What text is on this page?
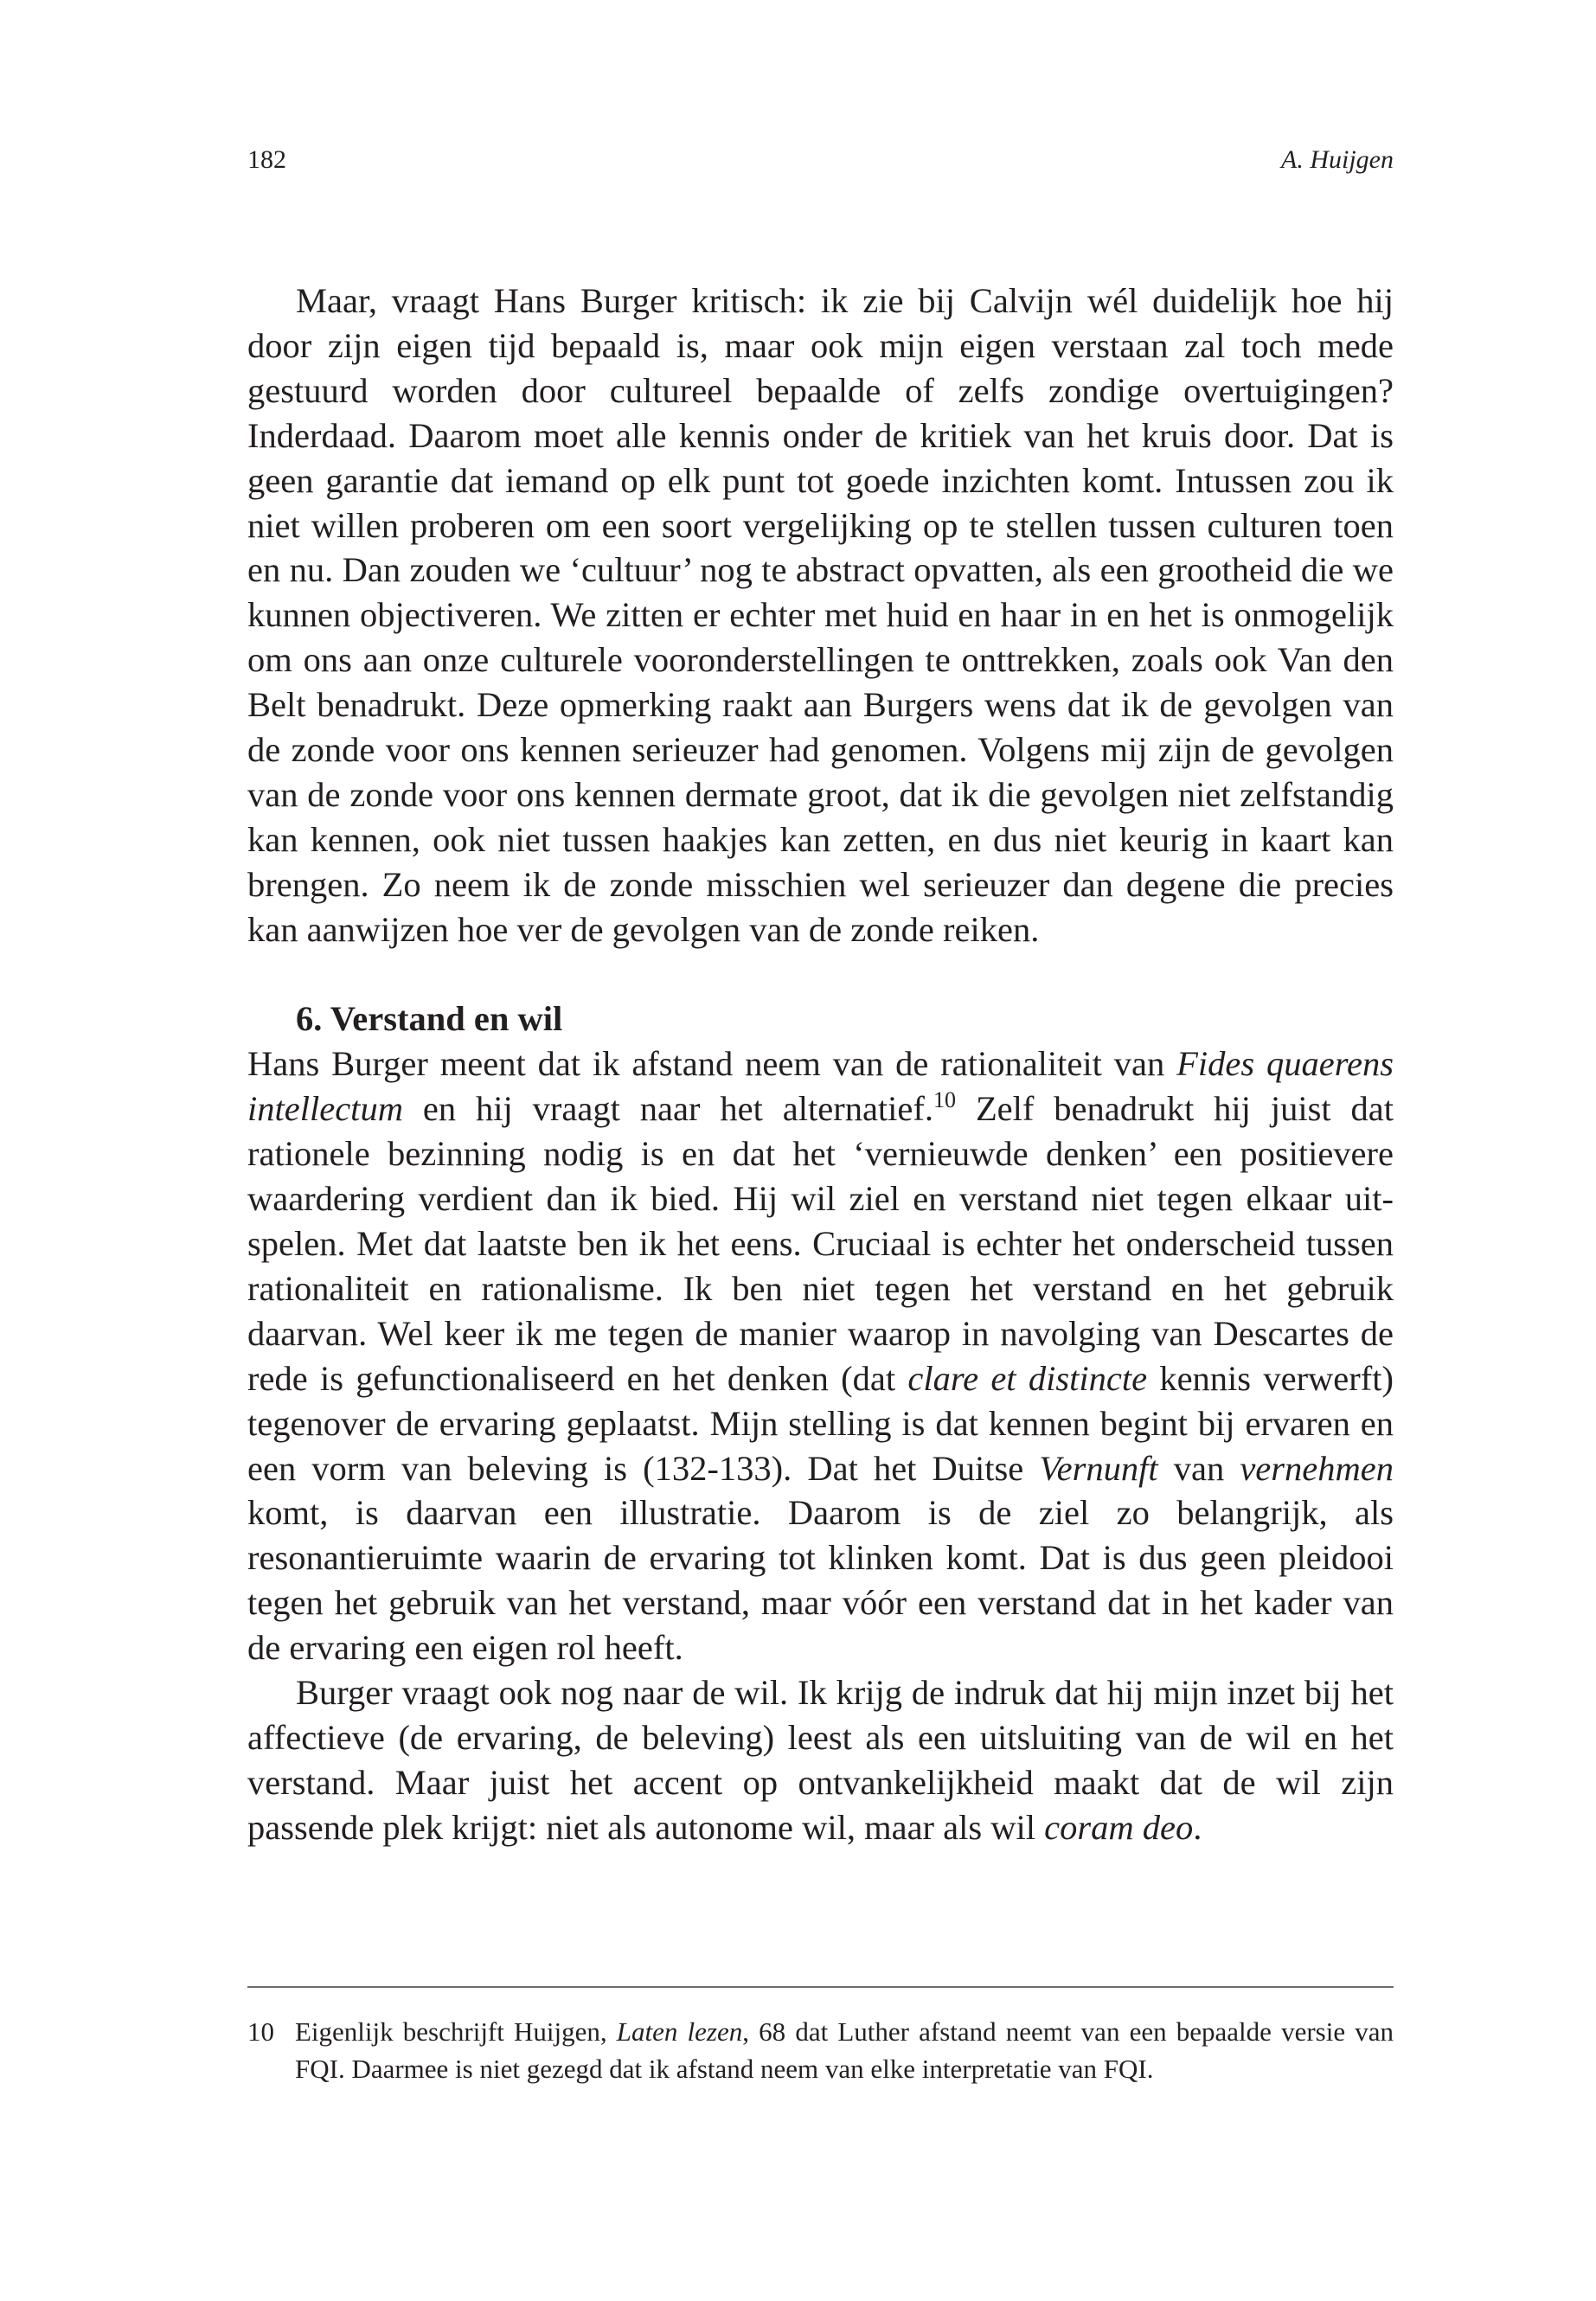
182	A. Huijgen

Maar, vraagt Hans Burger kritisch: ik zie bij Calvijn wél duidelijk hoe hij door zijn eigen tijd bepaald is, maar ook mijn eigen verstaan zal toch mede gestuurd worden door cultureel bepaalde of zelfs zondige overtuigingen? Inderdaad. Daarom moet alle kennis onder de kritiek van het kruis door. Dat is geen garantie dat iemand op elk punt tot goede inzichten komt. Intussen zou ik niet willen proberen om een soort vergelijking op te stellen tussen culturen toen en nu. Dan zouden we ‘cultuur’ nog te abstract opvatten, als een grootheid die we kunnen objectiveren. We zitten er echter met huid en haar in en het is onmogelijk om ons aan onze culturele vooronderstellingen te onttrekken, zoals ook Van den Belt benadrukt. Deze opmerking raakt aan Burgers wens dat ik de gevolgen van de zonde voor ons kennen serieuzer had genomen. Volgens mij zijn de gevolgen van de zonde voor ons kennen dermate groot, dat ik die gevolgen niet zelfstandig kan kennen, ook niet tussen haakjes kan zetten, en dus niet keurig in kaart kan brengen. Zo neem ik de zonde misschien wel serieuzer dan degene die precies kan aanwijzen hoe ver de gevolgen van de zonde reiken.

6. Verstand en wil

Hans Burger meent dat ik afstand neem van de rationaliteit van Fides quaerens intellectum en hij vraagt naar het alternatief.$^{10}$ Zelf benadrukt hij juist dat rationele bezinning nodig is en dat het ‘vernieuwde denken’ een positievere waardering verdient dan ik bied. Hij wil ziel en verstand niet tegen elkaar uitspelen. Met dat laatste ben ik het eens. Cruciaal is echter het onderscheid tussen rationaliteit en rationalisme. Ik ben niet tegen het verstand en het gebruik daarvan. Wel keer ik me tegen de manier waarop in navolging van Descartes de rede is gefunctionaliseerd en het denken (dat clare et distincte kennis verwerft) tegenover de ervaring geplaatst. Mijn stelling is dat kennen begint bij ervaren en een vorm van beleving is (132-133). Dat het Duitse Vernunft van vernehmen komt, is daarvan een illustratie. Daarom is de ziel zo belangrijk, als resonantieruimte waarin de ervaring tot klinken komt. Dat is dus geen pleidooi tegen het gebruik van het verstand, maar vóór een verstand dat in het kader van de ervaring een eigen rol heeft.

Burger vraagt ook nog naar de wil. Ik krijg de indruk dat hij mijn inzet bij het affectieve (de ervaring, de beleving) leest als een uitsluiting van de wil en het verstand. Maar juist het accent op ontvankelijkheid maakt dat de wil zijn passende plek krijgt: niet als autonome wil, maar als wil coram deo.

10 Eigenlijk beschrijft Huijgen, Laten lezen, 68 dat Luther afstand neemt van een bepaalde versie van FQI. Daarmee is niet gezegd dat ik afstand neem van elke interpretatie van FQI.
